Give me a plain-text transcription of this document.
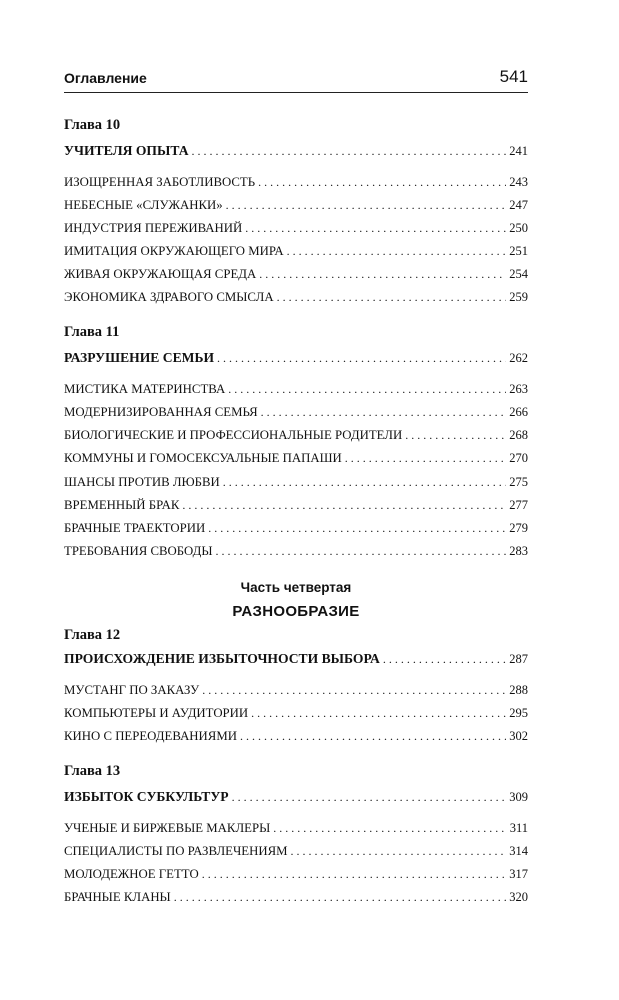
Оглавление	541
Глава 10
УЧИТЕЛЯ ОПЫТА . . .	241
ИЗОЩРЕННАЯ ЗАБОТЛИВОСТЬ . . .	243
НЕБЕСНЫЕ «СЛУЖАНКИ» . . .	247
ИНДУСТРИЯ ПЕРЕЖИВАНИЙ . . .	250
ИМИТАЦИЯ ОКРУЖАЮЩЕГО МИРА . . .	251
ЖИВАЯ ОКРУЖАЮЩАЯ СРЕДА . . .	254
ЭКОНОМИКА ЗДРАВОГО СМЫСЛА . . .	259
Глава 11
РАЗРУШЕНИЕ СЕМЬИ . . .	262
МИСТИКА МАТЕРИНСТВА . . .	263
МОДЕРНИЗИРОВАННАЯ СЕМЬЯ . . .	266
БИОЛОГИЧЕСКИЕ И ПРОФЕССИОНАЛЬНЫЕ РОДИТЕЛИ . . .	268
КОММУНЫ И ГОМОСЕКСУАЛЬНЫЕ ПАПАШИ . . .	270
ШАНСЫ ПРОТИВ ЛЮБВИ . . .	275
ВРЕМЕННЫЙ БРАК . . .	277
БРАЧНЫЕ ТРАЕКТОРИИ . . .	279
ТРЕБОВАНИЯ СВОБОДЫ . . .	283
Часть четвертая
РАЗНООБРАЗИЕ
Глава 12
ПРОИСХОЖДЕНИЕ ИЗБЫТОЧНОСТИ ВЫБОРА . . .	287
МУСТАНГ ПО ЗАКАЗУ . . .	288
КОМПЬЮТЕРЫ И АУДИТОРИИ . . .	295
КИНО С ПЕРЕОДЕВАНИЯМИ . . .	302
Глава 13
ИЗБЫТОК СУБКУЛЬТУР . . .	309
УЧЕНЫЕ И БИРЖЕВЫЕ МАКЛЕРЫ . . .	311
СПЕЦИАЛИСТЫ ПО РАЗВЛЕЧЕНИЯМ . . .	314
МОЛОДЕЖНОЕ ГЕТТО . . .	317
БРАЧНЫЕ КЛАНЫ . . .	320
